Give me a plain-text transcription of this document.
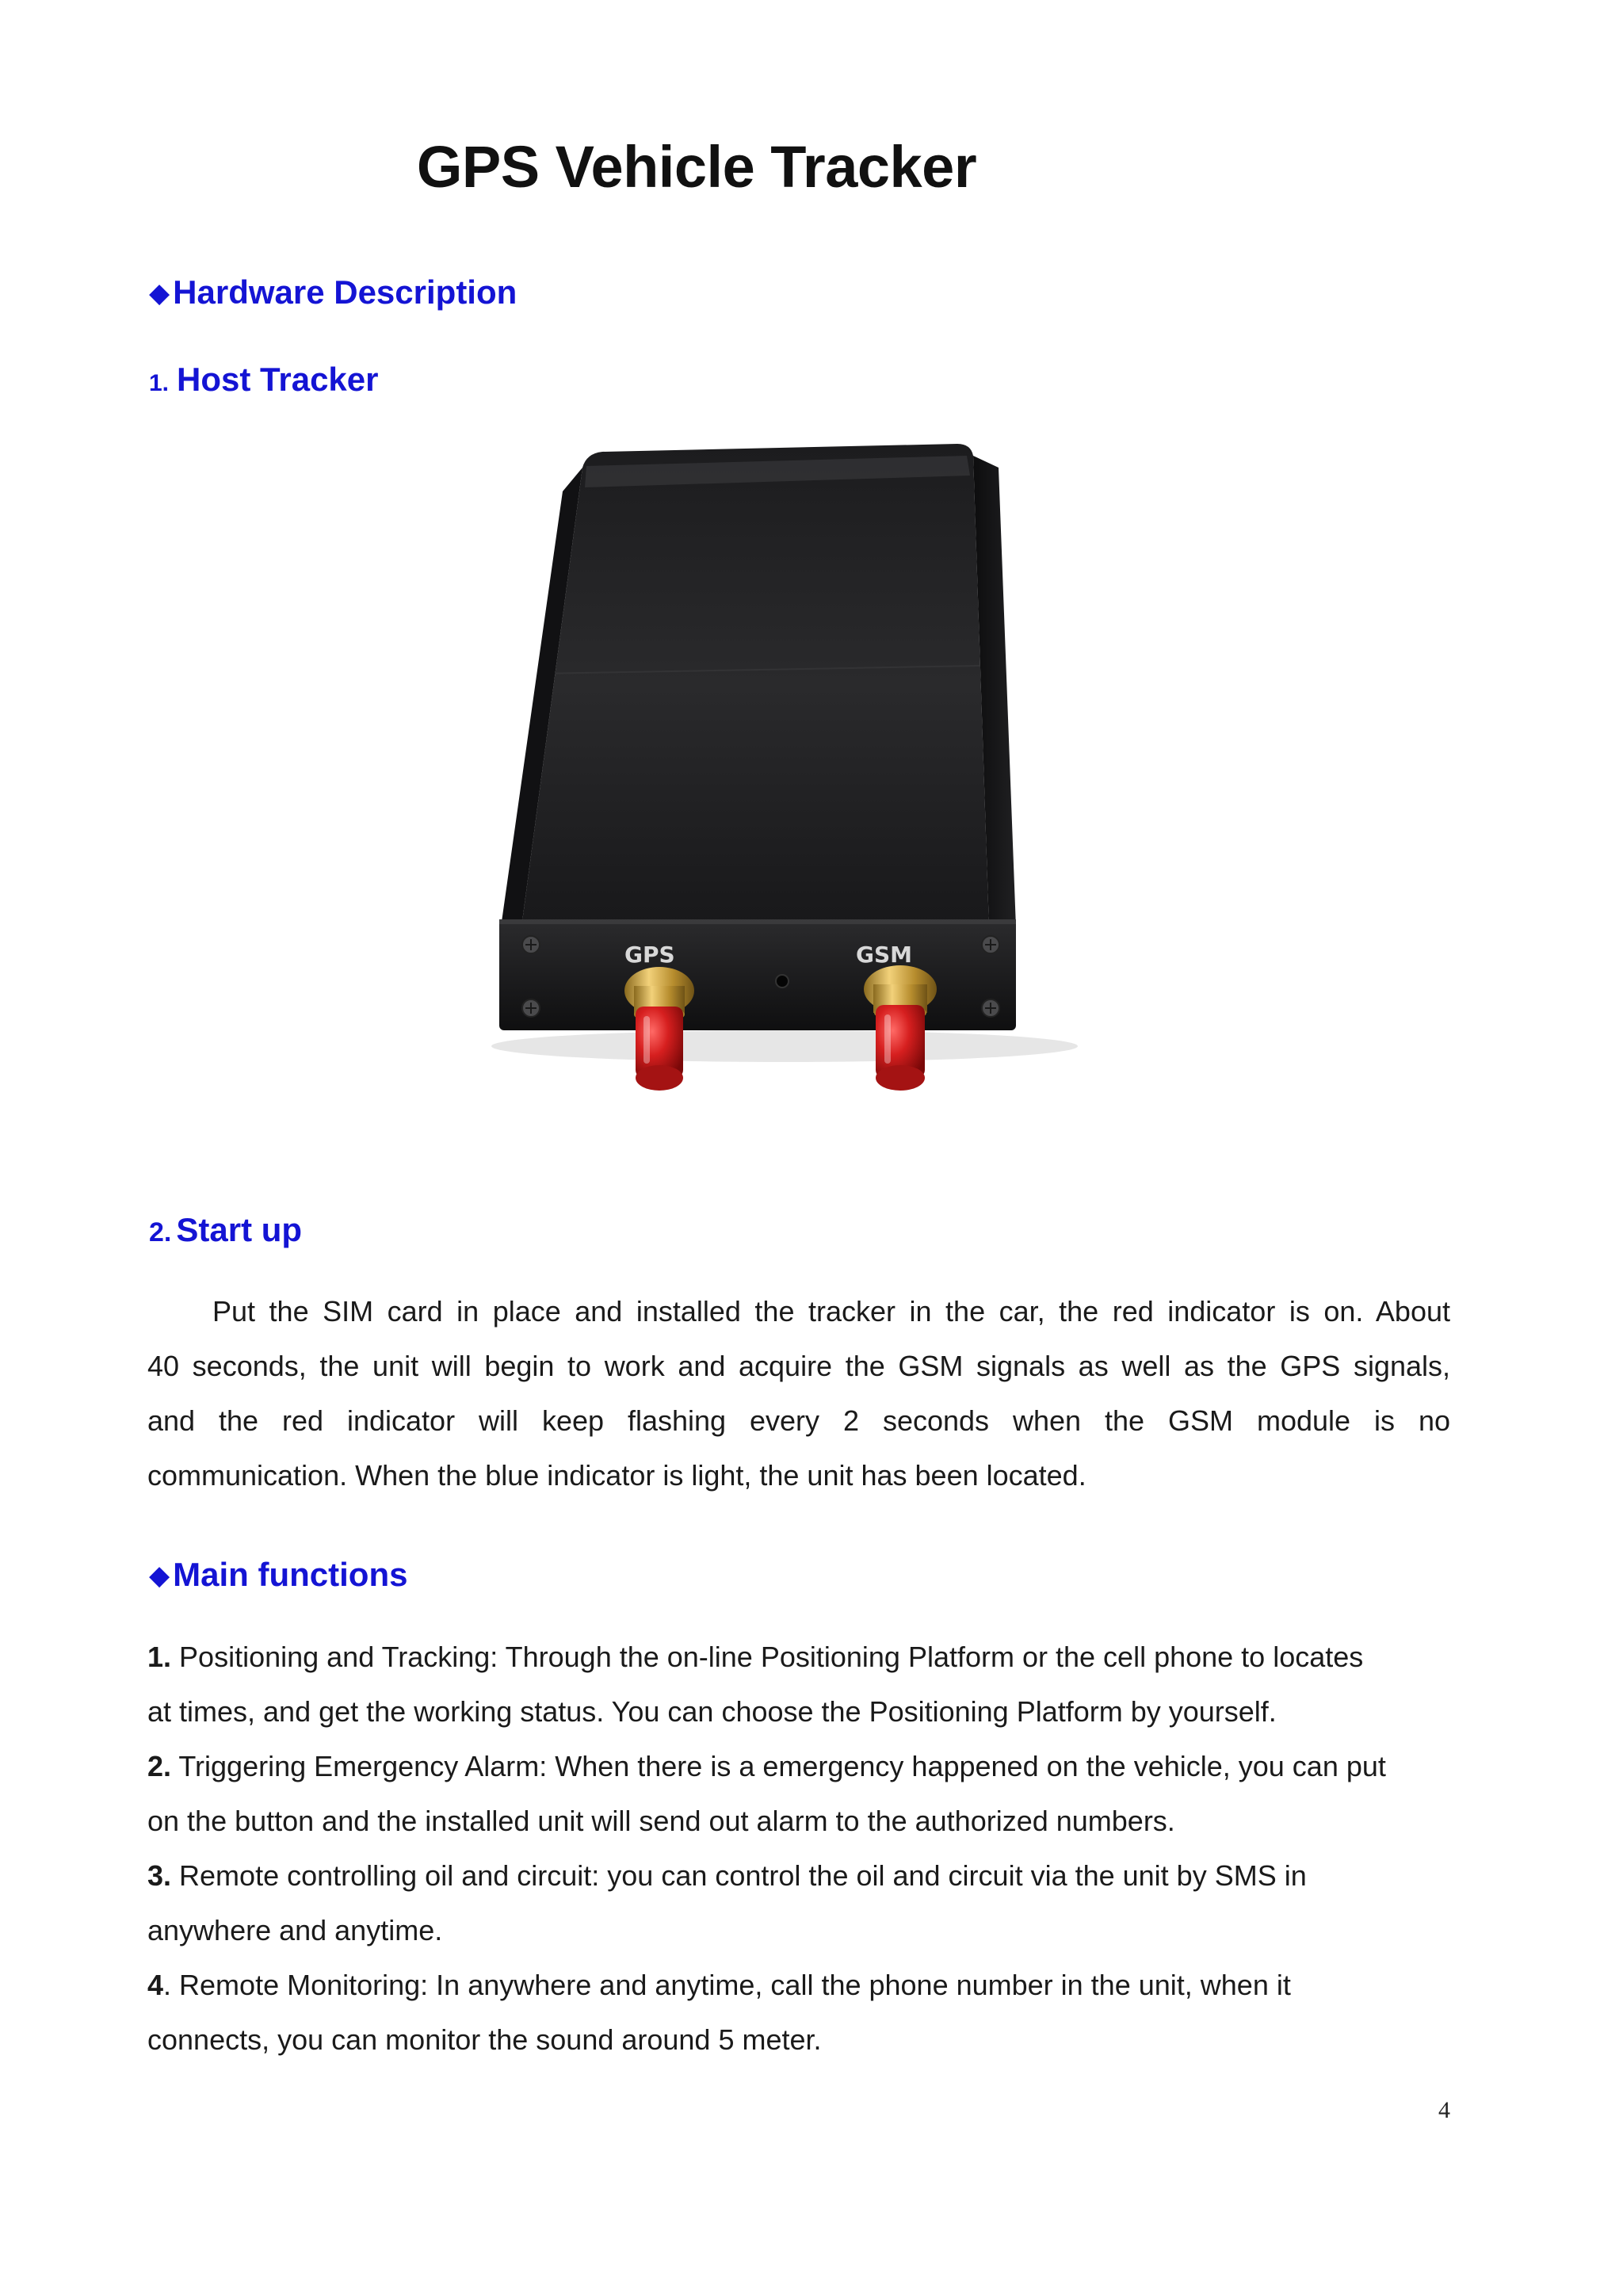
GPS Vehicle Tracker
◆Hardware Description
1. Host Tracker
GPS	GSM
2. Start up
Put the SIM card in place and installed the tracker in the car, the red indicator is on. About
40 seconds, the unit will begin to work and acquire the GSM signals as well as the GPS signals,
and the red indicator will keep flashing every 2 seconds when the GSM module is no
communication. When the blue indicator is light, the unit has been located.
◆Main functions
1. Positioning and Tracking: Through the on-line Positioning Platform or the cell phone to locates
at times, and get the working status. You can choose the Positioning Platform by yourself.
2. Triggering Emergency Alarm: When there is a emergency happened on the vehicle, you can put
on the button and the installed unit will send out alarm to the authorized numbers.
3. Remote controlling oil and circuit: you can control the oil and circuit via the unit by SMS in
anywhere and anytime.
4. Remote Monitoring: In anywhere and anytime, call the phone number in the unit, when it
connects, you can monitor the sound around 5 meter.
4
